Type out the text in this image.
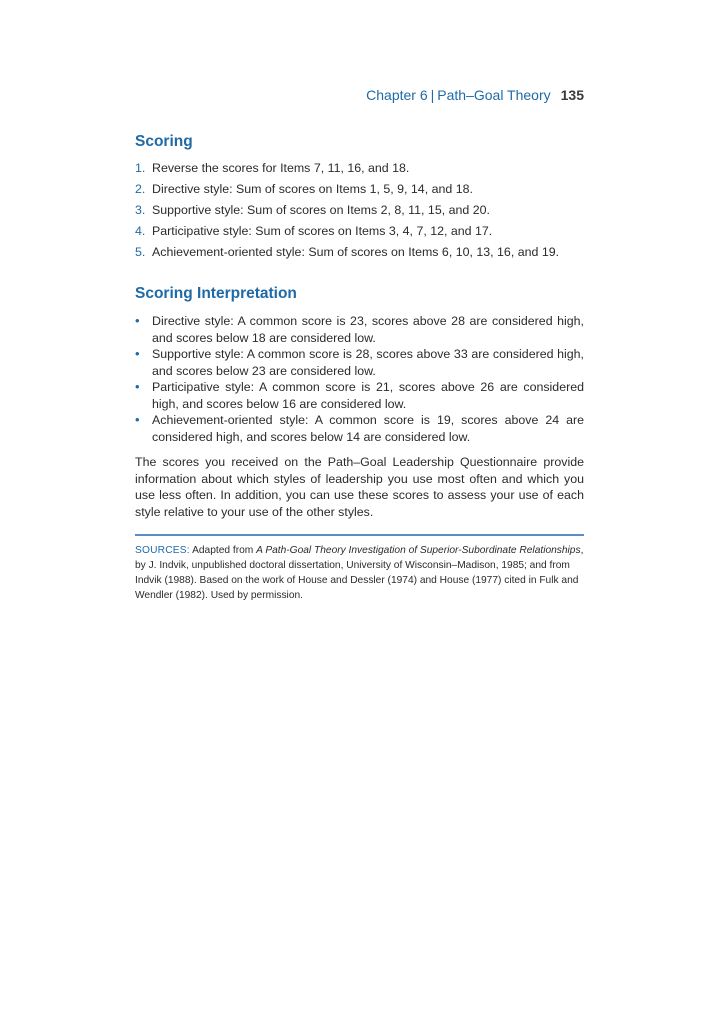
Chapter 6 | Path–Goal Theory 135
Scoring
1. Reverse the scores for Items 7, 11, 16, and 18.
2. Directive style: Sum of scores on Items 1, 5, 9, 14, and 18.
3. Supportive style: Sum of scores on Items 2, 8, 11, 15, and 20.
4. Participative style: Sum of scores on Items 3, 4, 7, 12, and 17.
5. Achievement-oriented style: Sum of scores on Items 6, 10, 13, 16, and 19.
Scoring Interpretation
• Directive style: A common score is 23, scores above 28 are considered high, and scores below 18 are considered low.
• Supportive style: A common score is 28, scores above 33 are considered high, and scores below 23 are considered low.
• Participative style: A common score is 21, scores above 26 are considered high, and scores below 16 are considered low.
• Achievement-oriented style: A common score is 19, scores above 24 are considered high, and scores below 14 are considered low.

The scores you received on the Path–Goal Leadership Questionnaire provide information about which styles of leadership you use most often and which you use less often. In addition, you can use these scores to assess your use of each style relative to your use of the other styles.

SOURCES: Adapted from A Path-Goal Theory Investigation of Superior-Subordinate Relationships, by J. Indvik, unpublished doctoral dissertation, University of Wisconsin–Madison, 1985; and from Indvik (1988). Based on the work of House and Dessler (1974) and House (1977) cited in Fulk and Wendler (1982). Used by permission.
